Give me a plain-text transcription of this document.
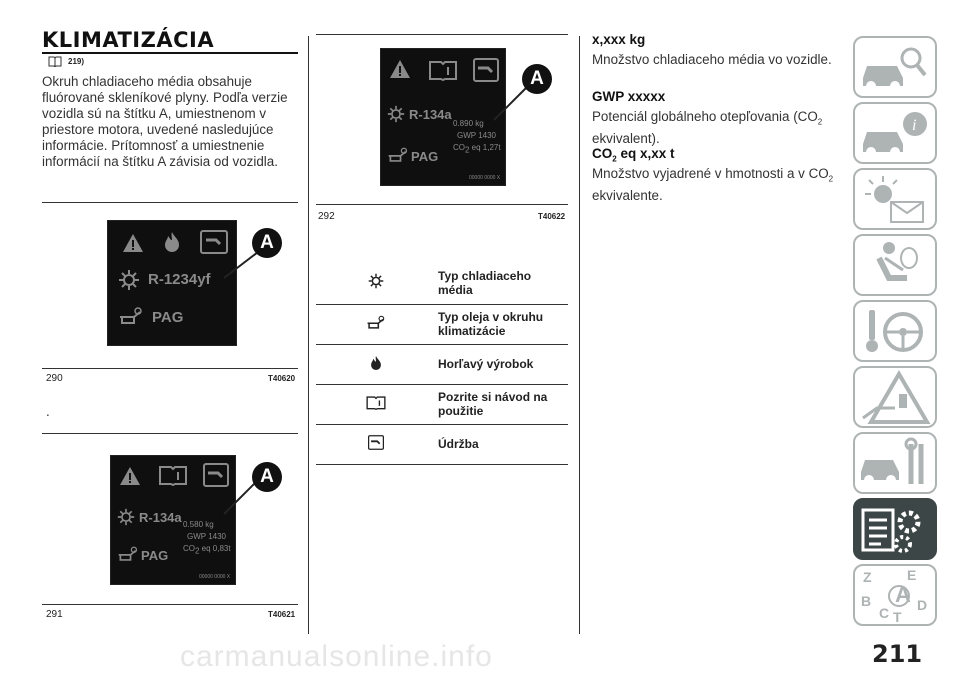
carmanualsonline.info	211
KLIMATIZÁCIA
219)
Okruh chladiaceho média obsahuje fluórované skleníkové plyny. Podľa verzie vozidla sú na štítku A, umiestnenom v priestore motora, uvedené nasledujúce informácie. Prítomnosť a umiestnenie informácií na štítku A závisia od vozidla.
R-1234yf
PAG
A
290	T40620
.
R-134a 0.580 kg
GWP 1430
$CO_2$ eq 0,83t
PAG
00000 0000 X
A
291	T40621
R-134a
0.890 kg
GWP 1430
$CO_2$ eq 1,27t
PAG
00000 0000 X
A
292	T40622
	Typ chladiaceho média
	Typ oleja v okruhu klimatizácie
	Horľavý výrobok
	Pozrite si návod na použitie
	Údržba
x,xxx kg
Množstvo chladiaceho média vo vozidle.
GWP xxxxx
Potenciál globálneho otepľovania ($CO_2$ ekvivalent).
$CO_2$ eq x,xx t
Množstvo vyjadrené v hmotnosti a v $CO_2$ ekvivalente.
i
Z	E
B
C T
D
A
